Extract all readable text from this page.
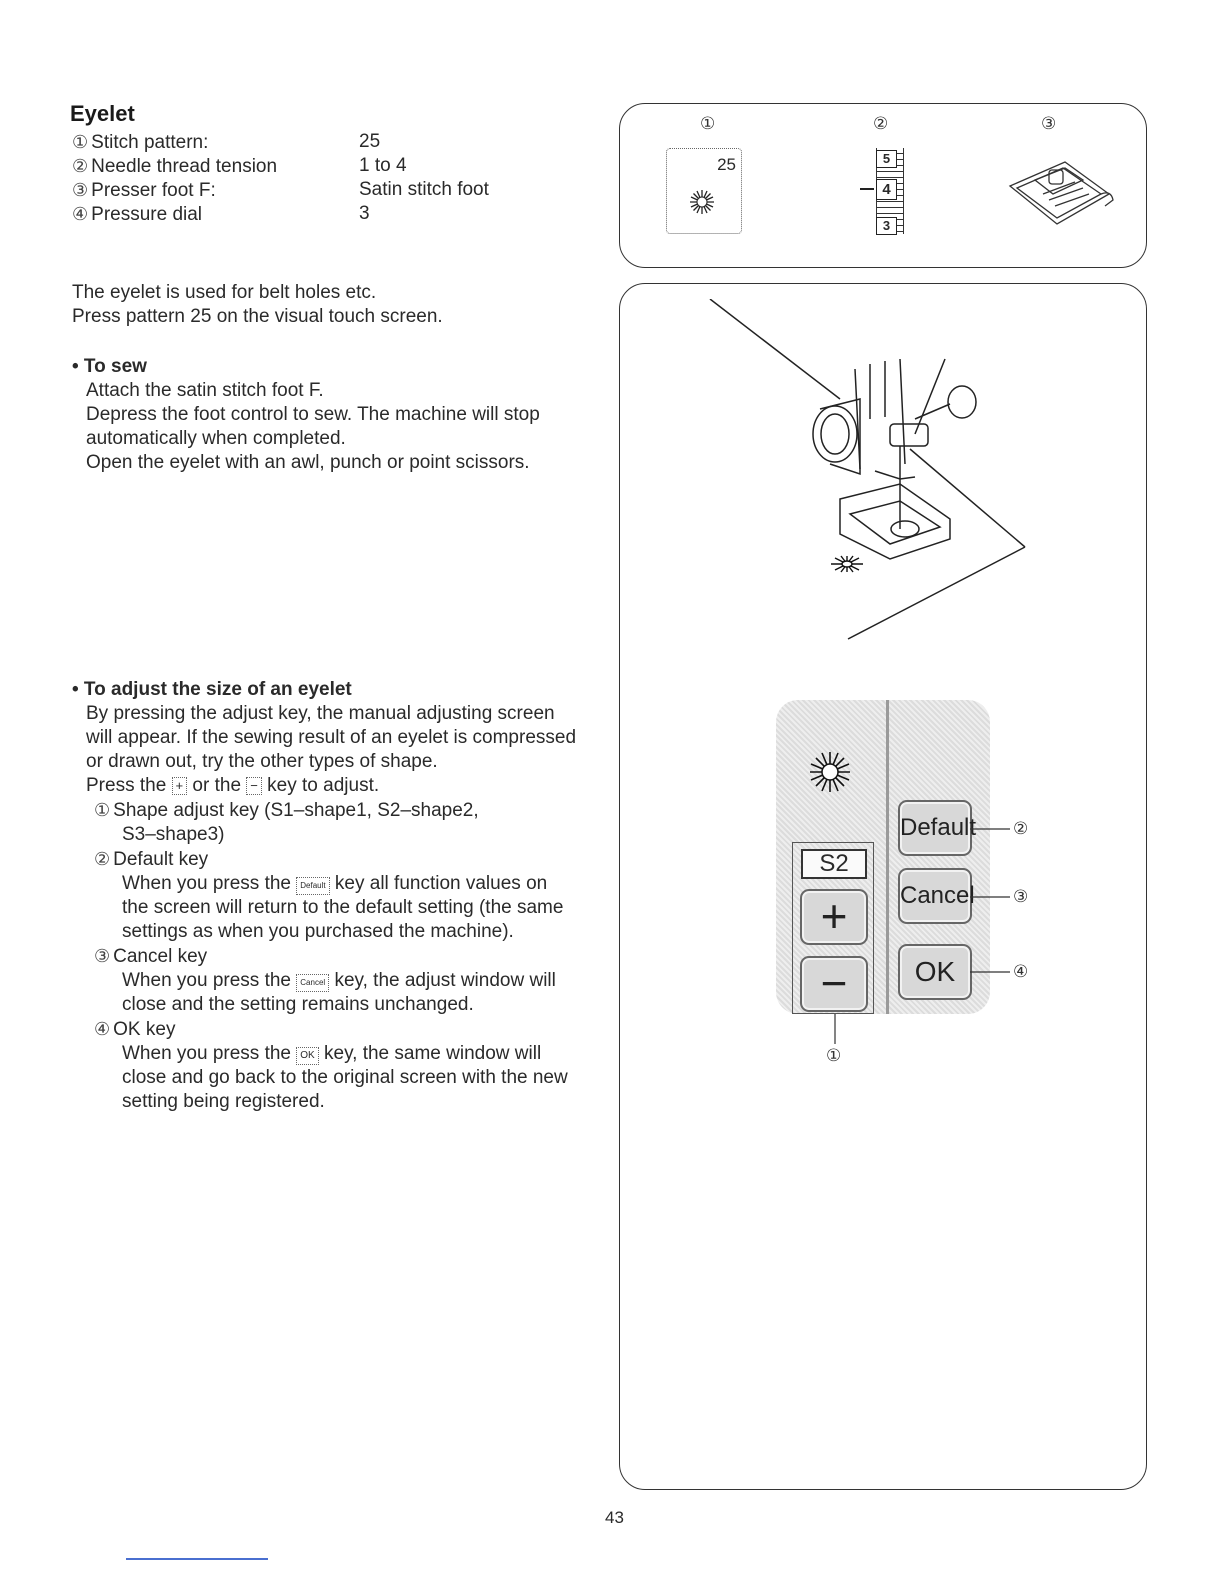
Eyelet
① Stitch pattern:	25
② Needle thread tension	1 to 4
③ Presser foot F:	Satin stitch foot
④ Pressure dial	3
The eyelet is used for belt holes etc.
Press pattern 25 on the visual touch screen.
• To sew
Attach the satin stitch foot F.
Depress the foot control to sew. The machine will stop
automatically when completed.
Open the eyelet with an awl, punch or point scissors.
• To adjust the size of an eyelet
By pressing the adjust key, the manual adjusting screen
will appear. If the sewing result of an eyelet is compressed
or drawn out, try the other types of shape.
Press the + or the − key to adjust.
① Shape adjust key (S1–shape1, S2–shape2,
S3–shape3)
② Default key
When you press the Default key all function values on
the screen will return to the default setting (the same
settings as when you purchased the machine).
③ Cancel key
When you press the Cancel key, the adjust window will
close and the setting remains unchanged.
④ OK key
When you press the OK key, the same window will
close and go back to the original screen with the new
setting being registered.
①	②	③
25	5
4
3
S2
+
−
Default
Cancel
OK
②
③
④
①
43
